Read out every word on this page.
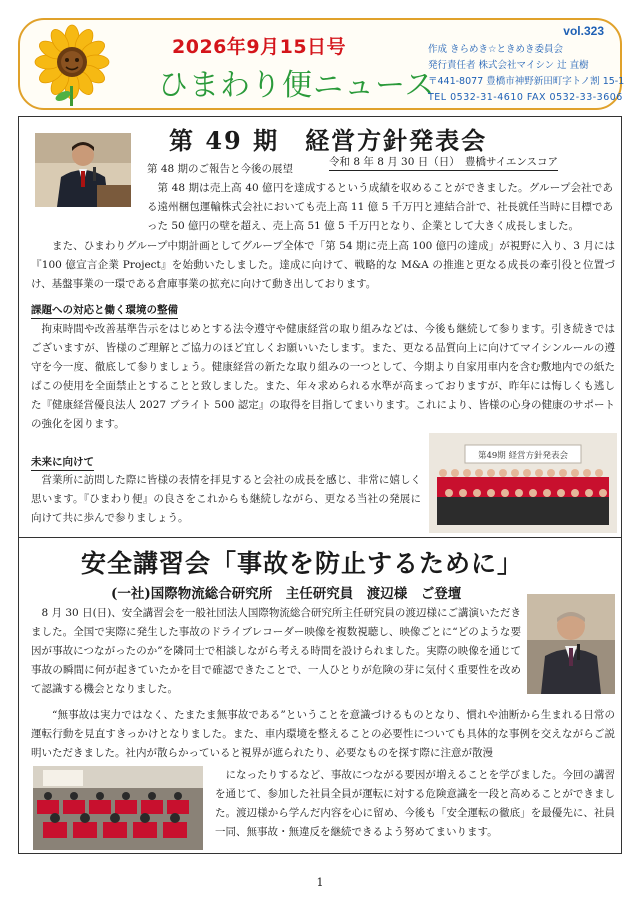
2026年9月15日号
ひまわり便ニュース
vol.323
作成 きらめき☆ときめき委員会
発行責任者 株式会社マイシン 辻 直樹
〒441-8077 豊橋市神野新田町字トノ割 15-1
TEL 0532-31-4610 FAX 0532-33-3606
第 49 期　経営方針発表会
令和 8 年 8 月 30 日（日）　豊橋サイエンスコア
第 48 期のご報告と今後の展望

第 48 期は売上高 40 億円を達成するという成績を収めることができました。グループ会社である遠州梱包運輸株式会社においても売上高 11 億 5 千万円と連結合計で、社長就任当時に目標であった 50 億円の壁を超え、売上高 51 億 5 千万円となり、企業として大きく成長しました。

また、ひまわりグループ中期計画としてグループ全体で「第 54 期に売上高 100 億円の達成」が視野に入り、3 月には『100 億宣言企業 Project』を始動いたしました。達成に向けて、戦略的な M&A の推進と更なる成長の牽引役と位置づけ、基盤事業の一環である倉庫事業の拡充に向けて動き出しております。

課題への対応と働く環境の整備

拘束時間や改善基準告示をはじめとする法令遵守や健康経営の取り組みなどは、今後も継続して参ります。引き続きではございますが、皆様のご理解とご協力のほど宜しくお願いいたします。また、更なる品質向上に向けてマイシンルールの遵守を今一度、徹底して参りましょう。健康経営の新たな取り組みの一つとして、今期より自家用車内を含む敷地内での紙たばこの使用を全面禁止とすることと致しました。また、年々求められる水準が高まっておりますが、昨年には悔しくも逃した『健康経営優良法人 2027 ブライト 500 認定』の取得を目指してまいります。これにより、皆様の心身の健康のサポートの強化を図ります。

未来に向けて

営業所に訪問した際に皆様の表情を拝見すると会社の成長を感じ、非常に嬉しく思います。『ひまわり便』の良さをこれからも継続しながら、更なる当社の発展に向けて共に歩んで参りましょう。

第49期 経営方針発表会
安全講習会「事故を防止するために」
(一社)国際物流総合研究所　主任研究員　渡辺様　ご登壇

8 月 30 日(日)、安全講習会を一般社団法人国際物流総合研究所主任研究員の渡辺様にご講演いただきました。全国で実際に発生した事故のドライブレコーダー映像を複数視聴し、映像ごとに“どのような要因が事故につながったのか”を隣同士で相談しながら考える時間を設けられました。実際の映像を通じて事故の瞬間に何が起きていたかを目で確認できたことで、一人ひとりが危険の芽に気付く重要性を改めて認識する機会となりました。

“無事故は実力ではなく、たまたま無事故である”ということを意識づけるものとなり、慣れや油断から生まれる日常の運転行動を見直すきっかけとなりました。また、車内環境を整えることの必要性についても具体的な事例を交えながらご説明いただきました。社内が散らかっていると視界が遮られたり、必要なものを探す際に注意が散漫

になったりするなど、事故につながる要因が増えることを学びました。今回の講習を通じて、参加した社員全員が運転に対する危険意識を一段と高めることができました。渡辺様から学んだ内容を心に留め、今後も「安全運転の徹底」を最優先に、社員一同、無事故・無違反を継続できるよう努めてまいります。

1
